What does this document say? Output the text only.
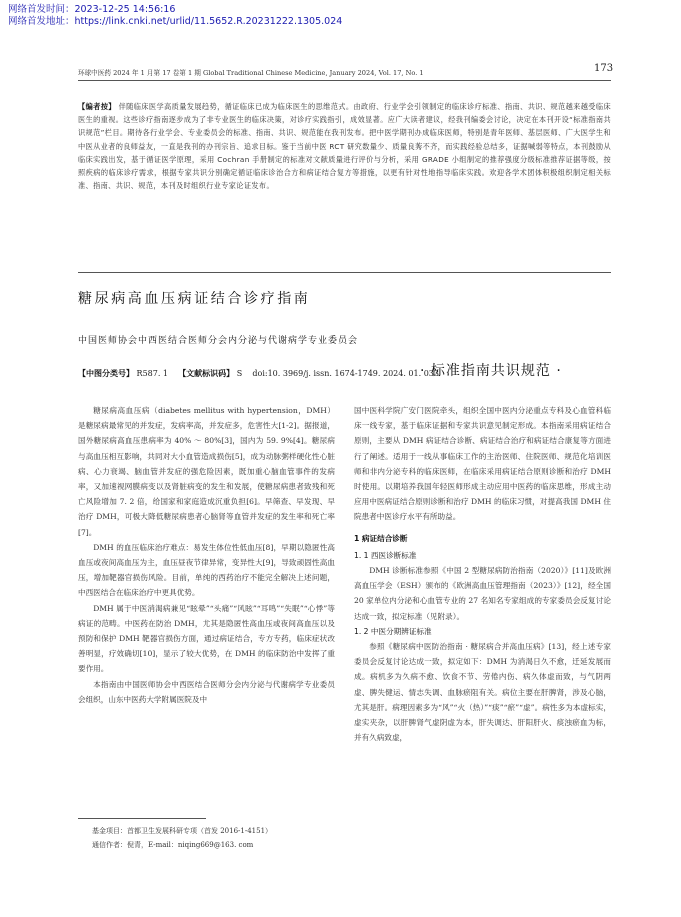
网络首发时间：2023-12-25 14:56:16
网络首发地址：https://link.cnki.net/urlid/11.5652.R.20231222.1305.024
环球中医药 2024 年 1 月第 17 卷第 1 期 Global Traditional Chinese Medicine, January 2024, Vol. 17, No. 1	173
【编者按】 伴随临床医学高质量发展趋势，循证临床已成为临床医生的思维范式。由政府、行业学会引领制定的临床诊疗标准、指南、共识、规范越来越受临床医生的重视。这些诊疗指南逐步成为了非专业医生的临床决策，对诊疗实践指引，成效显著。应广大读者建议，经我刊编委会讨论，决定在本刊开设“标准指南共识规范”栏目。期待各行业学会、专业委员会的标准、指南、共识、规范能在我刊发布。把中医学期刊办成临床医师，特别是青年医师、基层医师、广大医学生和中医从业者的良师益友，一直是我刊的办刊宗旨、追求目标。鉴于当前中医 RCT 研究数量少、质量良莠不齐，而实践经验总结多，证据喊弱等特点，本刊鼓励从临床实践出发，基于循证医学原理，采用 Cochran 手册制定的标准对文献质量进行评价与分析，采用 GRADE 小组制定的推荐强度分级标准推荐证据等级，按照疾病的临床诊疗需求，根据专家共识分别确定循证临床诊治合方和病证结合复方等措施，以更有针对性地指导临床实践。欢迎各学术团体积极组织制定相关标准、指南、共识、规范，本刊及时组织行业专家论证发布。
糖尿病高血压病证结合诊疗指南
· 标准指南共识规范 ·
中国医师协会中西医结合医师分会内分泌与代谢病学专业委员会
【中图分类号】 R587. 1 【文献标识码】 S doi:10. 3969/j. issn. 1674-1749. 2024. 01. 033

糖尿病高血压病（diabetes mellitus with hypertension，DMH）是糖尿病最常见的并发症，发病率高，并发症多，危害性大[1-2]。据报道，国外糖尿病高血压患病率为 40% ～ 80%[3]，国内为 59. 9%[4]。糖尿病与高血压相互影响，共同对大小血管造成损伤[5]，成为动脉粥样硬化性心脏病、心力衰竭、脑血管并发症的强危险因素，既加重心脑血管事件的发病率，又加速视网膜病变以及肾脏病变的发生和发展，使糖尿病患者致残和死亡风险增加 7. 2 倍，给国家和家庭造成沉重负担[6]。早筛查、早发现、早治疗 DMH，可极大降低糖尿病患者心脑肾等血管并发症的发生率和死亡率[7]。

DMH 的血压临床治疗难点：易发生体位性低血压[8]，早期以隐匿性高血压或夜间高血压为主，血压昼夜节律异常，变异性大[9]，导致顽固性高血压，增加靶器官损伤风险。目前，单纯的西药治疗不能完全解决上述问题，中西医结合在临床治疗中更具优势。

DMH 属于中医消渴病兼见“眩晕”“头痛”“风眩”“耳鸣”“失眠”“心悸”等病证的范畴。中医药在防治 DMH，尤其是隐匿性高血压或夜间高血压以及预防和保护 DMH 靶器官损伤方面，通过病证结合，专方专药，临床症状改善明显，疗效确切[10]，显示了较大优势，在 DMH 的临床防治中发挥了重要作用。

本指南由中国医师协会中西医结合医师分会内分泌与代谢病学专业委员会组织，山东中医药大学附属医院及中

国中医科学院广安门医院牵头，组织全国中医内分泌重点专科及心血管科临床一线专家，基于临床证据和专家共识意见制定形成。本指南采用病证结合原则，主要从 DMH 病证结合诊断、病证结合治疗和病证结合康复等方面进行了阐述。适用于一线从事临床工作的主治医师、住院医师、规范化培训医师和非内分泌专科的临床医师，在临床采用病证结合原则诊断和治疗 DMH 时使用。以期培养我国年轻医师形成主动应用中医药的临床思维，形成主动应用中医病证结合原则诊断和治疗 DMH 的临床习惯，对提高我国 DMH 住院患者中医诊疗水平有所助益。

1 病证结合诊断

1. 1 西医诊断标准

DMH 诊断标准参照《中国 2 型糖尿病防治指南（2020）》[11]及欧洲高血压学会（ESH）颁布的《欧洲高血压管理指南（2023）》[12]，经全国 20 家单位内分泌和心血管专业的 27 名知名专家组成的专家委员会反复讨论达成一致，拟定标准（见附录）。

1. 2 中医分期辨证标准

参照《糖尿病中医防治指南 · 糖尿病合并高血压病》[13]，经上述专家委员会反复讨论达成一致，拟定如下：DMH 为消渴日久不愈，迁延发展而成。病机多为久病不愈、饮食不节、劳倦内伤、病久体虚而致，与气阴两虚、脾失健运、情志失调、血脉瘀阻有关。病位主要在肝脾肾，涉及心脑，尤其是肝。病理因素多为“风”“火（热）”“痰”“瘀”“虚”。病性多为本虚标实，虚实夹杂，以肝脾肾气虚阴虚为本，肝失调达、肝阳肝火、痰浊瘀血为标，并有久病致虚，

基金项目：首都卫生发展科研专项（首发 2016-1-4151）
通信作者：倪青，E-mail：niqing669@163. com
